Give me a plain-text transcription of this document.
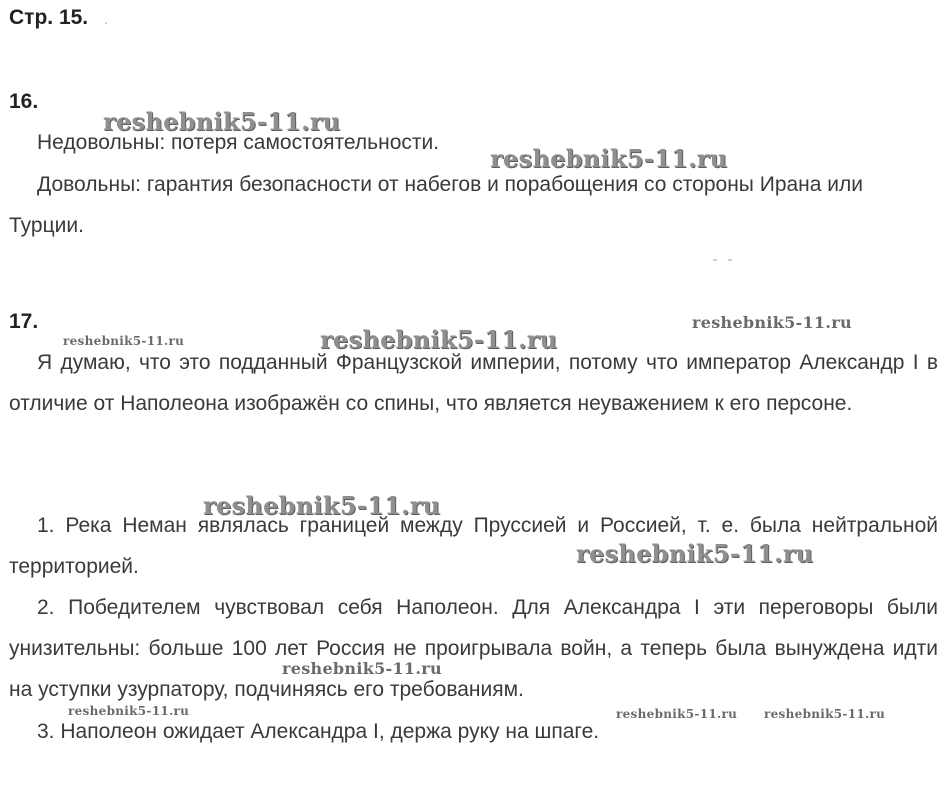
Стр. 15.
16.

Недовольны: потеря самостоятельности.

Довольны: гарантия безопасности от набегов и порабощения со стороны Ирана или Турции.

17.

Я думаю, что это подданный Французской империи, потому что император Александр I в отличие от Наполеона изображён со спины, что является неуважением к его персоне.

1. Река Неман являлась границей между Пруссией и Россией, т. е. была нейтральной территорией.

2. Победителем чувствовал себя Наполеон. Для Александра I эти переговоры были унизительны: больше 100 лет Россия не проигрывала войн, а теперь была вынуждена идти на уступки узурпатору, подчиняясь его требованиям.

3. Наполеон ожидает Александра I, держа руку на шпаге.

reshebnik5-11.ru
reshebnik5-11.ru
reshebnik5-11.ru
reshebnik5-11.ru
reshebnik5-11.ru
reshebnik5-11.ru
reshebnik5-11.ru
reshebnik5-11.ru
reshebnik5-11.ru	reshebnik5-11.ru reshebnik5-11.ru
